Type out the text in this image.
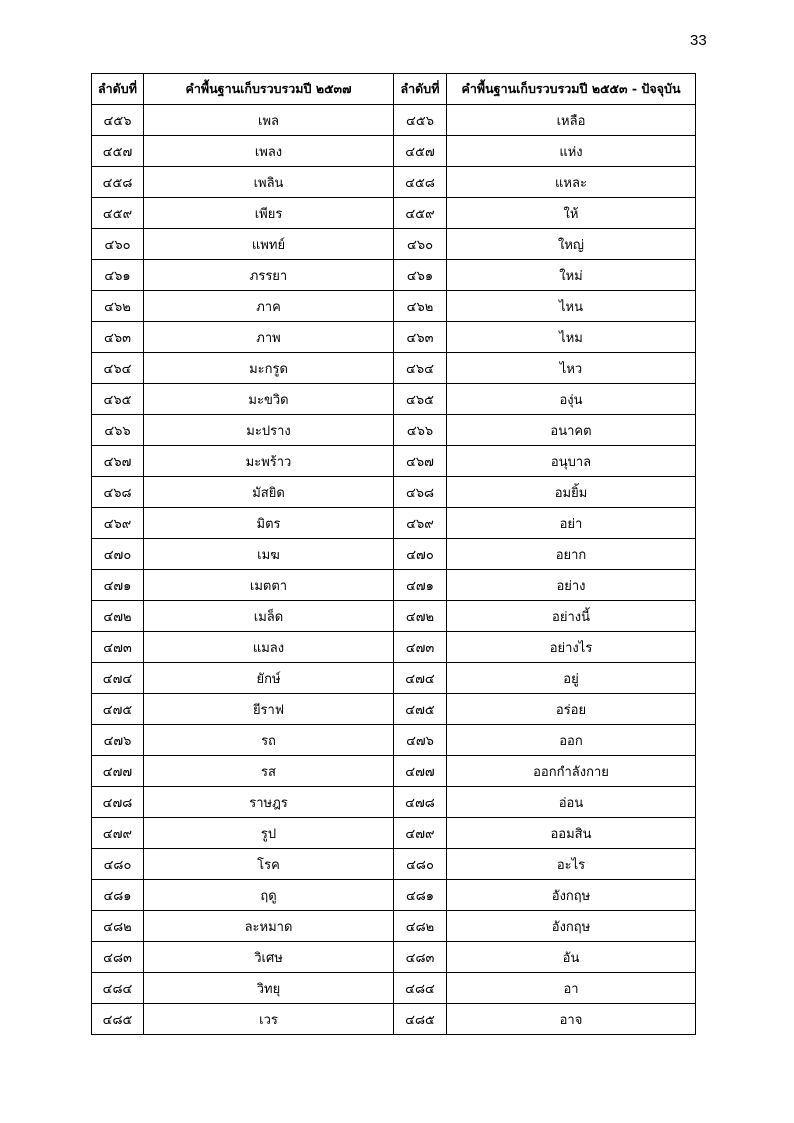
33
ลำดับที่	คำพื้นฐานเก็บรวบรวมปี ๒๕๓๗	ลำดับที่	คำพื้นฐานเก็บรวบรวมปี ๒๕๕๓ - ปัจจุบัน
๔๕๖	เพล	๔๕๖	เหลือ
๔๕๗	เพลง	๔๕๗	แห่ง
๔๕๘	เพลิน	๔๕๘	แหละ
๔๕๙	เพียร	๔๕๙	ให้
๔๖๐	แพทย์	๔๖๐	ใหญ่
๔๖๑	ภรรยา	๔๖๑	ใหม่
๔๖๒	ภาค	๔๖๒	ไหน
๔๖๓	ภาพ	๔๖๓	ไหม
๔๖๔	มะกรูด	๔๖๔	ไหว
๔๖๕	มะขวิด	๔๖๕	องุ่น
๔๖๖	มะปราง	๔๖๖	อนาคต
๔๖๗	มะพร้าว	๔๖๗	อนุบาล
๔๖๘	มัสยิด	๔๖๘	อมยิ้ม
๔๖๙	มิตร	๔๖๙	อย่า
๔๗๐	เมฆ	๔๗๐	อยาก
๔๗๑	เมตตา	๔๗๑	อย่าง
๔๗๒	เมล็ด	๔๗๒	อย่างนี้
๔๗๓	แมลง	๔๗๓	อย่างไร
๔๗๔	ยักษ์	๔๗๔	อยู่
๔๗๕	ยีราฟ	๔๗๕	อร่อย
๔๗๖	รถ	๔๗๖	ออก
๔๗๗	รส	๔๗๗	ออกกำลังกาย
๔๗๘	ราษฎร	๔๗๘	อ่อน
๔๗๙	รูป	๔๗๙	ออมสิน
๔๘๐	โรค	๔๘๐	อะไร
๔๘๑	ฤดู	๔๘๑	อังกฤษ
๔๘๒	ละหมาด	๔๘๒	อังกฤษ
๔๘๓	วิเศษ	๔๘๓	อัน
๔๘๔	วิทยุ	๔๘๔	อา
๔๘๕	เวร	๔๘๕	อาจ
